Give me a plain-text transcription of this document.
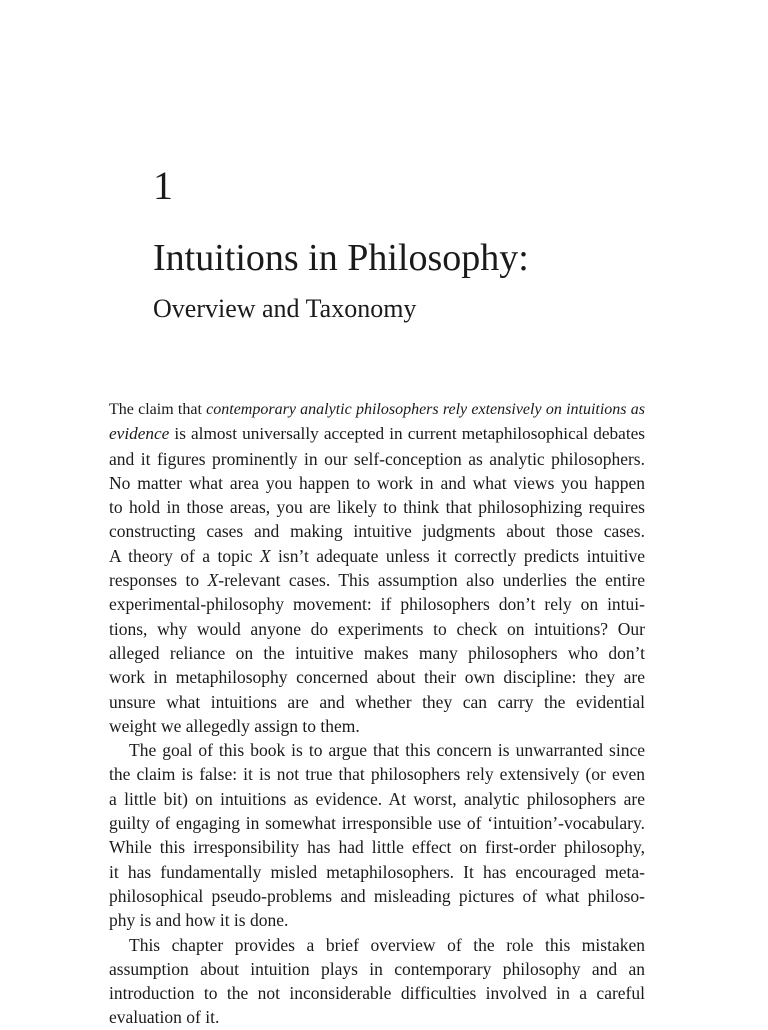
1
Intuitions in Philosophy:
Overview and Taxonomy

The claim that contemporary analytic philosophers rely extensively on intuitions as
evidence is almost universally accepted in current metaphilosophical debates
and it figures prominently in our self-conception as analytic philosophers.
No matter what area you happen to work in and what views you happen
to hold in those areas, you are likely to think that philosophizing requires
constructing cases and making intuitive judgments about those cases.
A theory of a topic X isn’t adequate unless it correctly predicts intuitive
responses to X-relevant cases. This assumption also underlies the entire
experimental-philosophy movement: if philosophers don’t rely on intui-
tions, why would anyone do experiments to check on intuitions? Our
alleged reliance on the intuitive makes many philosophers who don’t
work in metaphilosophy concerned about their own discipline: they are
unsure what intuitions are and whether they can carry the evidential
weight we allegedly assign to them.

The goal of this book is to argue that this concern is unwarranted since
the claim is false: it is not true that philosophers rely extensively (or even
a little bit) on intuitions as evidence. At worst, analytic philosophers are
guilty of engaging in somewhat irresponsible use of ‘intuition’-vocabulary.
While this irresponsibility has had little effect on first-order philosophy,
it has fundamentally misled metaphilosophers. It has encouraged meta-
philosophical pseudo-problems and misleading pictures of what philoso-
phy is and how it is done.

This chapter provides a brief overview of the role this mistaken
assumption about intuition plays in contemporary philosophy and an
introduction to the not inconsiderable difficulties involved in a careful
evaluation of it.
